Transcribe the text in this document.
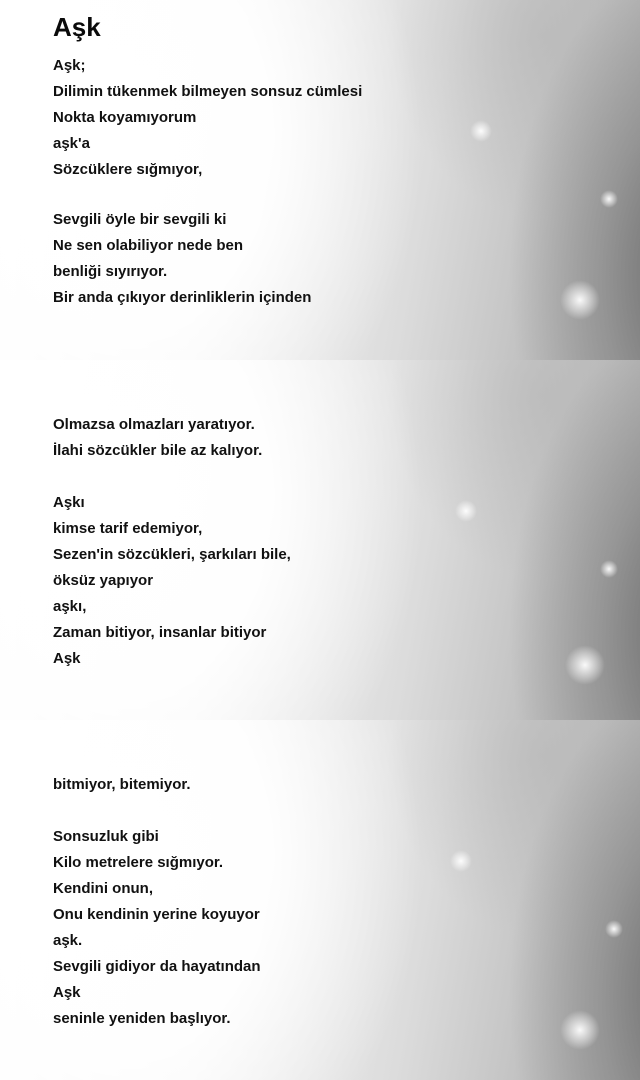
Aşk
Aşk;
Dilimin tükenmek bilmeyen sonsuz cümlesi
Nokta koyamıyorum
aşk'a
Sözcüklere sığmıyor,
Sevgili öyle bir sevgili ki
Ne sen olabiliyor nede ben
benliği sıyırıyor.
Bir anda çıkıyor derinliklerin içinden
Olmazsa olmazları yaratıyor.
İlahi sözcükler bile az kalıyor.
Aşkı
kimse tarif edemiyor,
Sezen'in sözcükleri, şarkıları bile,
öksüz yapıyor
aşkı,
Zaman bitiyor, insanlar bitiyor
Aşk
bitmiyor, bitemiyor.
Sonsuzluk gibi
Kilo metrelere sığmıyor.
Kendini onun,
Onu kendinin yerine koyuyor
aşk.
Sevgili gidiyor da hayatından
Aşk
seninle yeniden başlıyor.
